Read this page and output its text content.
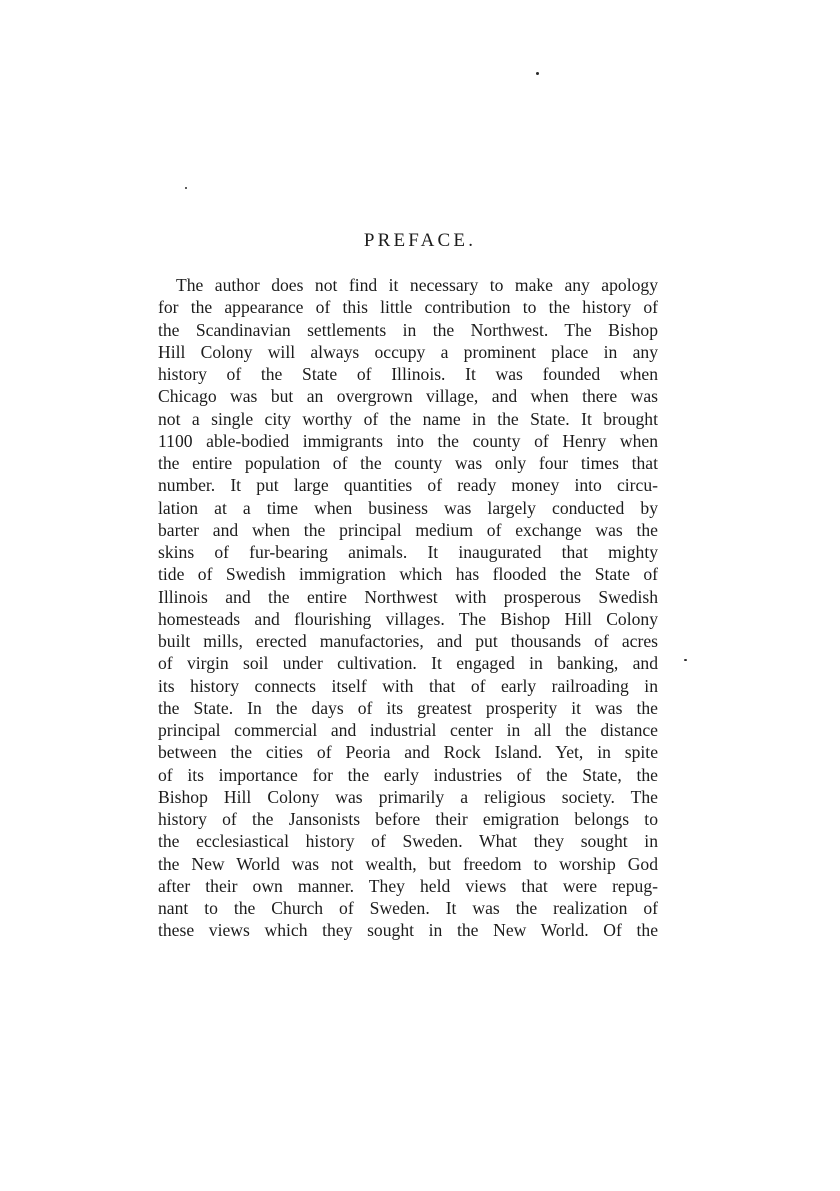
PREFACE.
The author does not find it necessary to make any apology
for the appearance of this little contribution to the history of
the Scandinavian settlements in the Northwest. The Bishop
Hill Colony will always occupy a prominent place in any
history of the State of Illinois. It was founded when
Chicago was but an overgrown village, and when there was
not a single city worthy of the name in the State. It brought
1100 able-bodied immigrants into the county of Henry when
the entire population of the county was only four times that
number. It put large quantities of ready money into circu-
lation at a time when business was largely conducted by
barter and when the principal medium of exchange was the
skins of fur-bearing animals. It inaugurated that mighty
tide of Swedish immigration which has flooded the State of
Illinois and the entire Northwest with prosperous Swedish
homesteads and flourishing villages. The Bishop Hill Colony
built mills, erected manufactories, and put thousands of acres
of virgin soil under cultivation. It engaged in banking, and
its history connects itself with that of early railroading in
the State. In the days of its greatest prosperity it was the
principal commercial and industrial center in all the distance
between the cities of Peoria and Rock Island. Yet, in spite
of its importance for the early industries of the State, the
Bishop Hill Colony was primarily a religious society. The
history of the Jansonists before their emigration belongs to
the ecclesiastical history of Sweden. What they sought in
the New World was not wealth, but freedom to worship God
after their own manner. They held views that were repug-
nant to the Church of Sweden. It was the realization of
these views which they sought in the New World. Of the
